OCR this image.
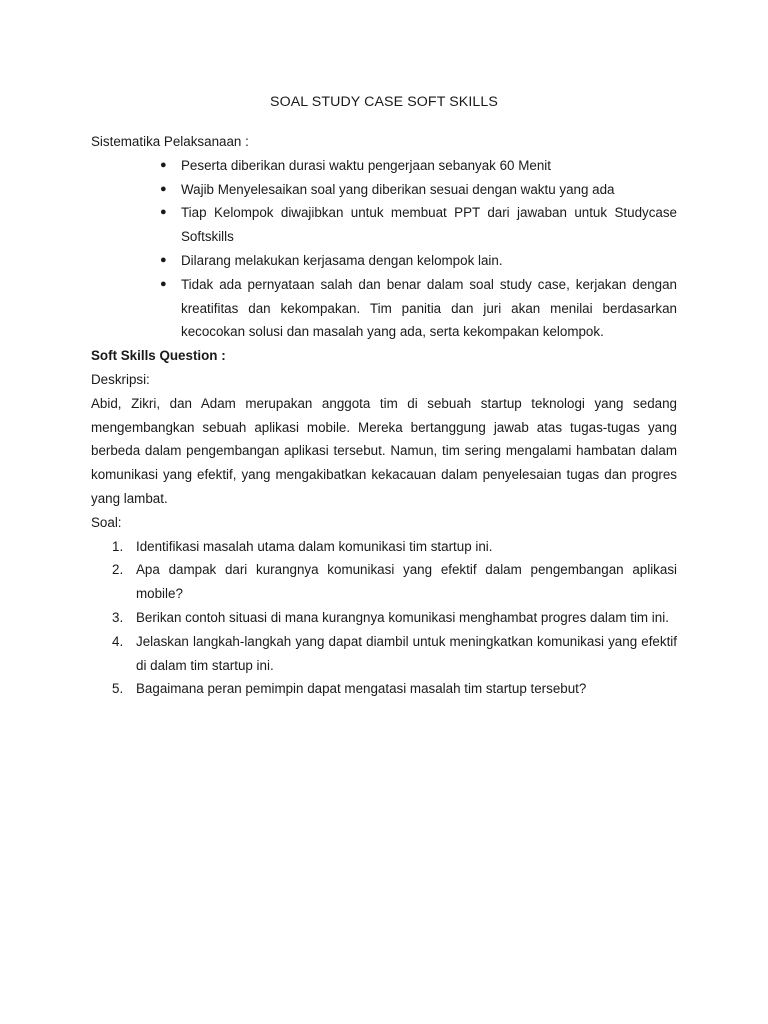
SOAL STUDY CASE SOFT SKILLS

Sistematika Pelaksanaan :

● Peserta diberikan durasi waktu pengerjaan sebanyak 60 Menit
● Wajib Menyelesaikan soal yang diberikan sesuai dengan waktu yang ada
● Tiap Kelompok diwajibkan untuk membuat PPT dari jawaban untuk Studycase Softskills
● Dilarang melakukan kerjasama dengan kelompok lain.
● Tidak ada pernyataan salah dan benar dalam soal study case, kerjakan dengan kreatifitas dan kekompakan. Tim panitia dan juri akan menilai berdasarkan kecocokan solusi dan masalah yang ada, serta kekompakan kelompok.

Soft Skills Question :

Deskripsi:

Abid, Zikri, dan Adam merupakan anggota tim di sebuah startup teknologi yang sedang mengembangkan sebuah aplikasi mobile. Mereka bertanggung jawab atas tugas-tugas yang berbeda dalam pengembangan aplikasi tersebut. Namun, tim sering mengalami hambatan dalam komunikasi yang efektif, yang mengakibatkan kekacauan dalam penyelesaian tugas dan progres yang lambat.

Soal:

1. Identifikasi masalah utama dalam komunikasi tim startup ini.
2. Apa dampak dari kurangnya komunikasi yang efektif dalam pengembangan aplikasi mobile?
3. Berikan contoh situasi di mana kurangnya komunikasi menghambat progres dalam tim ini.
4. Jelaskan langkah-langkah yang dapat diambil untuk meningkatkan komunikasi yang efektif di dalam tim startup ini.
5. Bagaimana peran pemimpin dapat mengatasi masalah tim startup tersebut?
